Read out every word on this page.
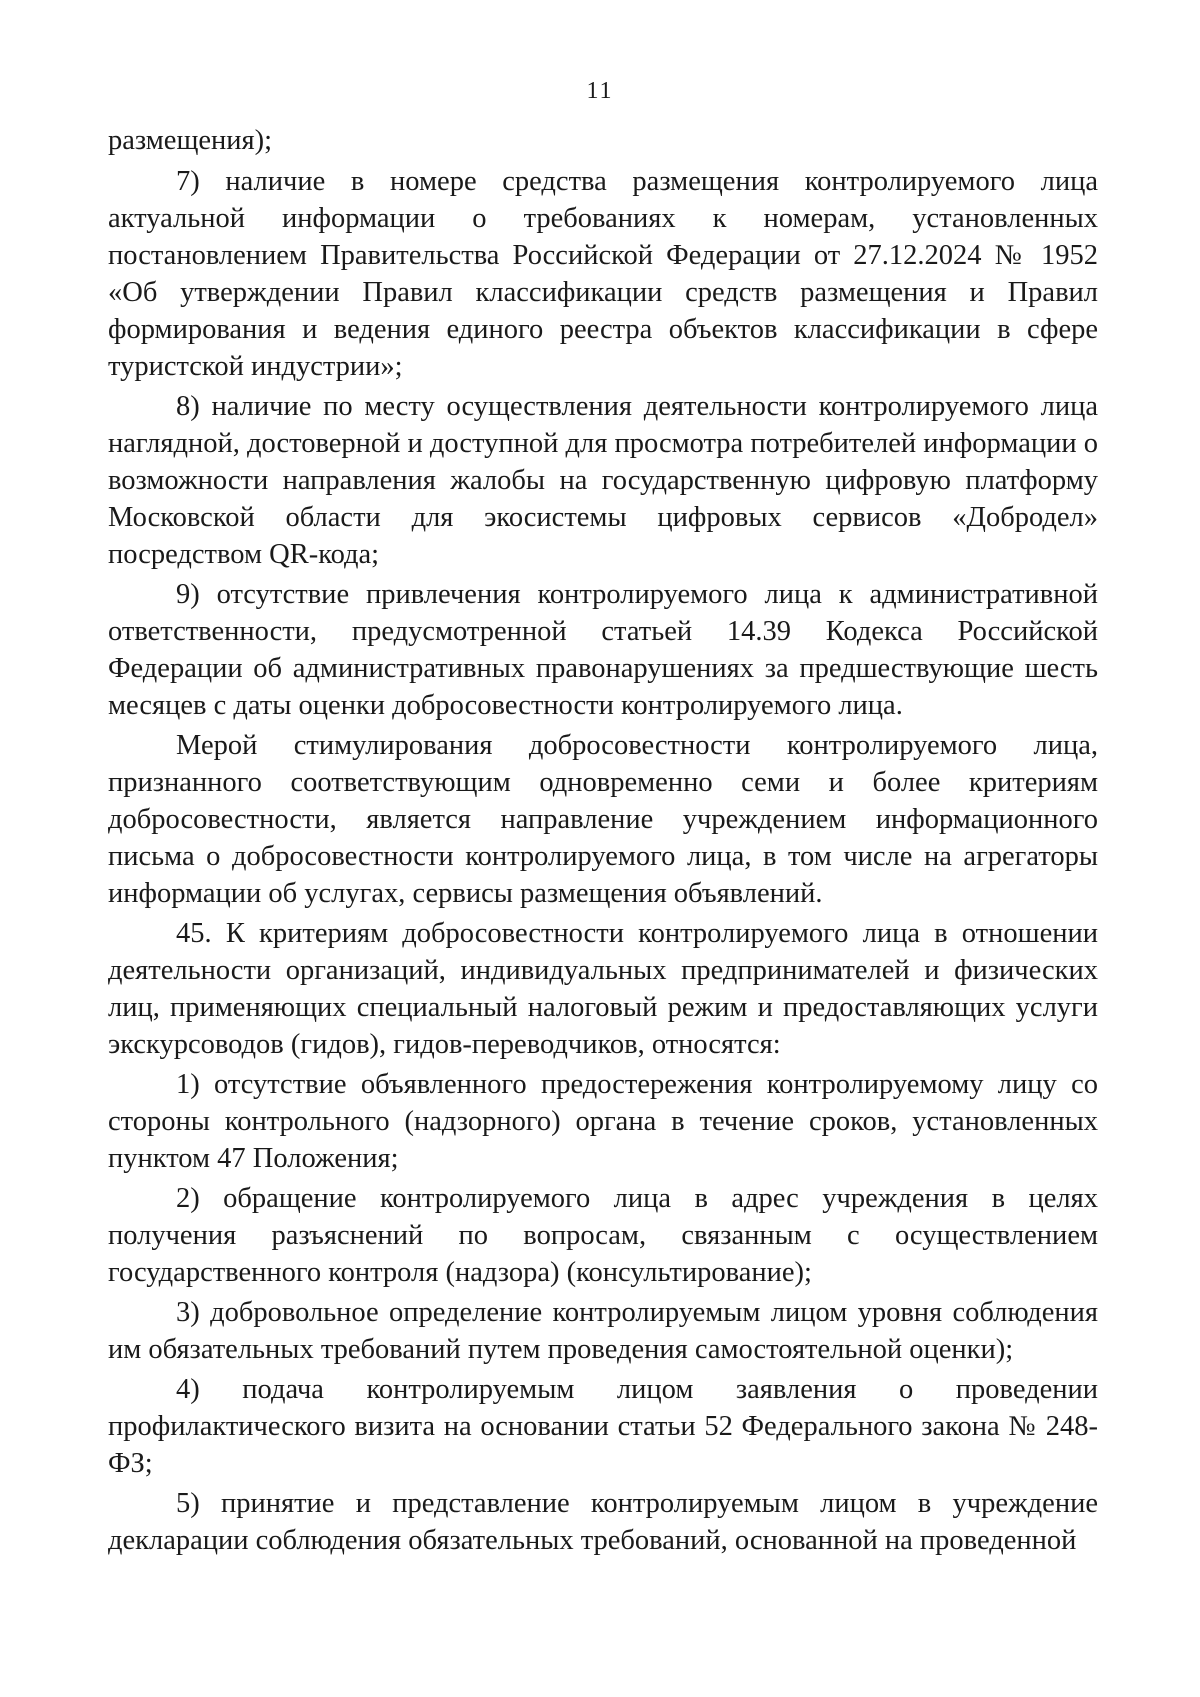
11

размещения);

7) наличие в номере средства размещения контролируемого лица актуальной информации о требованиях к номерам, установленных постановлением Правительства Российской Федерации от 27.12.2024 № 1952 «Об утверждении Правил классификации средств размещения и Правил формирования и ведения единого реестра объектов классификации в сфере туристской индустрии»;

8) наличие по месту осуществления деятельности контролируемого лица наглядной, достоверной и доступной для просмотра потребителей информации о возможности направления жалобы на государственную цифровую платформу Московской области для экосистемы цифровых сервисов «Добродел» посредством QR-кода;

9) отсутствие привлечения контролируемого лица к административной ответственности, предусмотренной статьей 14.39 Кодекса Российской Федерации об административных правонарушениях за предшествующие шесть месяцев с даты оценки добросовестности контролируемого лица.

Мерой стимулирования добросовестности контролируемого лица, признанного соответствующим одновременно семи и более критериям добросовестности, является направление учреждением информационного письма о добросовестности контролируемого лица, в том числе на агрегаторы информации об услугах, сервисы размещения объявлений.

45. К критериям добросовестности контролируемого лица в отношении деятельности организаций, индивидуальных предпринимателей и физических лиц, применяющих специальный налоговый режим и предоставляющих услуги экскурсоводов (гидов), гидов-переводчиков, относятся:

1) отсутствие объявленного предостережения контролируемому лицу со стороны контрольного (надзорного) органа в течение сроков, установленных пунктом 47 Положения;

2) обращение контролируемого лица в адрес учреждения в целях получения разъяснений по вопросам, связанным с осуществлением государственного контроля (надзора) (консультирование);

3) добровольное определение контролируемым лицом уровня соблюдения им обязательных требований путем проведения самостоятельной оценки);

4) подача контролируемым лицом заявления о проведении профилактического визита на основании статьи 52 Федерального закона № 248-ФЗ;

5) принятие и представление контролируемым лицом в учреждение декларации соблюдения обязательных требований, основанной на проведенной
